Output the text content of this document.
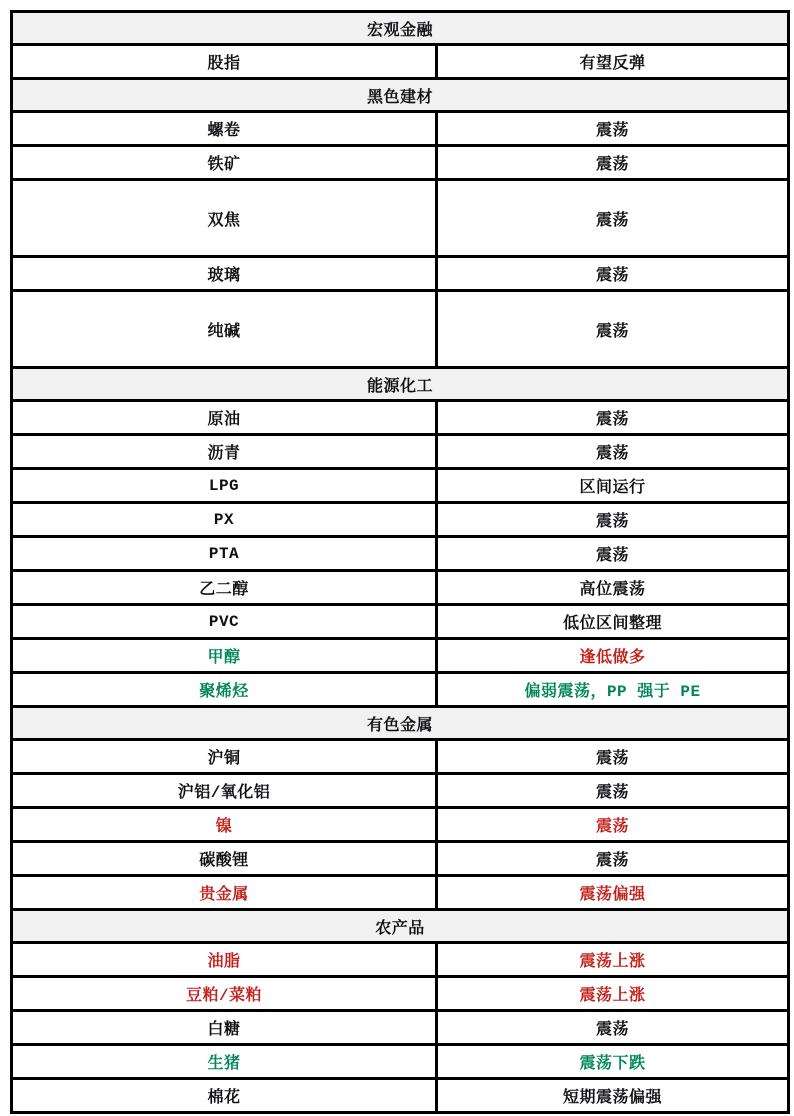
宏观金融	
股指	有望反弹
黑色建材	
螺卷	震荡
铁矿	震荡
双焦	震荡
玻璃	震荡
纯碱	震荡
能源化工	
原油	震荡
沥青	震荡
LPG	区间运行
PX	震荡
PTA	震荡
乙二醇	高位震荡
PVC	低位区间整理
甲醇	逢低做多
聚烯烃	偏弱震荡，PP 强于 PE
有色金属	
沪铜	震荡
沪铝/氧化铝	震荡
镍	震荡
碳酸锂	震荡
贵金属	震荡偏强
农产品	
油脂	震荡上涨
豆粕/菜粕	震荡上涨
白糖	震荡
生猪	震荡下跌
棉花	短期震荡偏强
